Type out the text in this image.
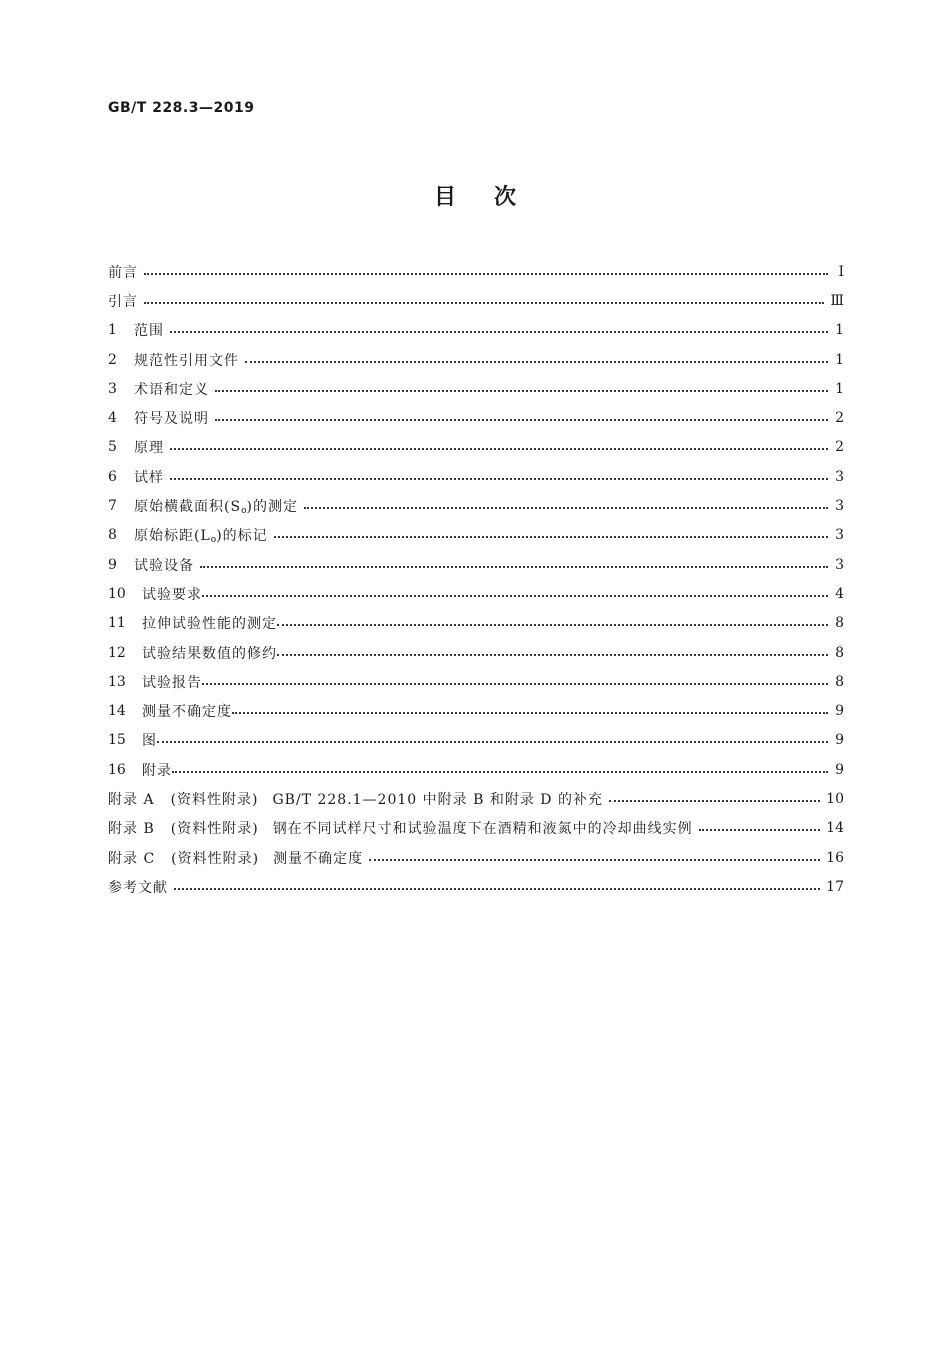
GB/T 228.3—2019
目次
前言	Ⅰ
引言	Ⅲ
1	范围	1
2	规范性引用文件	1
3	术语和定义	1
4	符号及说明	2
5	原理	2
6	试样	3
7	原始横截面积$(S_o)$的测定	3
8	原始标距$(L_o)$的标记	3
9	试验设备	3
10	试验要求	4
11	拉伸试验性能的测定	8
12	试验结果数值的修约	8
13	试验报告	8
14	测量不确定度	9
15	图	9
16	附录	9
附录 A (资料性附录) GB/T 228.1—2010 中附录 B 和附录 D 的补充	10
附录 B (资料性附录) 钢在不同试样尺寸和试验温度下在酒精和液氮中的冷却曲线实例	14
附录 C (资料性附录) 测量不确定度	16
参考文献	17
